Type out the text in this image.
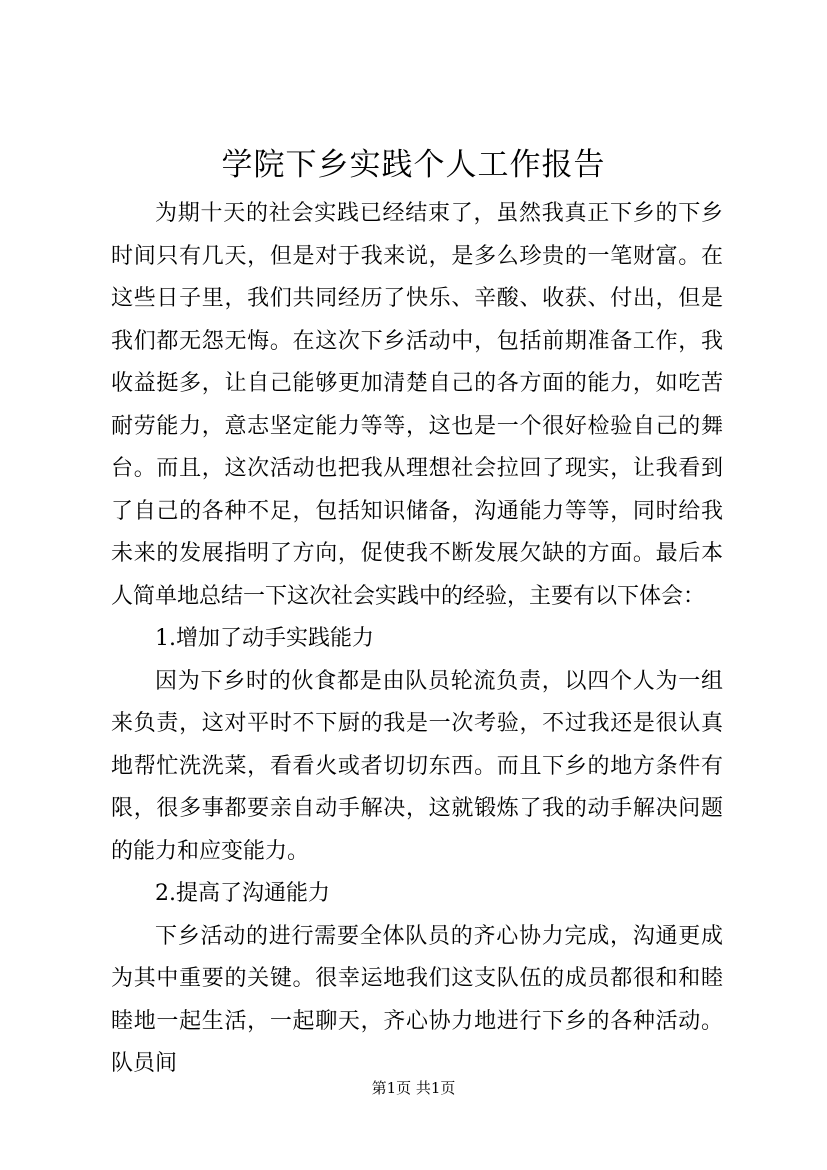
学院下乡实践个人工作报告

为期十天的社会实践已经结束了，虽然我真正下乡的下乡时间只有几天，但是对于我来说，是多么珍贵的一笔财富。在这些日子里，我们共同经历了快乐、辛酸、收获、付出，但是我们都无怨无悔。在这次下乡活动中，包括前期准备工作，我收益挺多，让自己能够更加清楚自己的各方面的能力，如吃苦耐劳能力，意志坚定能力等等，这也是一个很好检验自己的舞台。而且，这次活动也把我从理想社会拉回了现实，让我看到了自己的各种不足，包括知识储备，沟通能力等等，同时给我未来的发展指明了方向，促使我不断发展欠缺的方面。最后本人简单地总结一下这次社会实践中的经验，主要有以下体会：

1.增加了动手实践能力

因为下乡时的伙食都是由队员轮流负责，以四个人为一组来负责，这对平时不下厨的我是一次考验，不过我还是很认真地帮忙洗洗菜，看看火或者切切东西。而且下乡的地方条件有限，很多事都要亲自动手解决，这就锻炼了我的动手解决问题的能力和应变能力。

2.提高了沟通能力

下乡活动的进行需要全体队员的齐心协力完成，沟通更成为其中重要的关键。很幸运地我们这支队伍的成员都很和和睦睦地一起生活，一起聊天，齐心协力地进行下乡的各种活动。队员间

第1页 共1页
